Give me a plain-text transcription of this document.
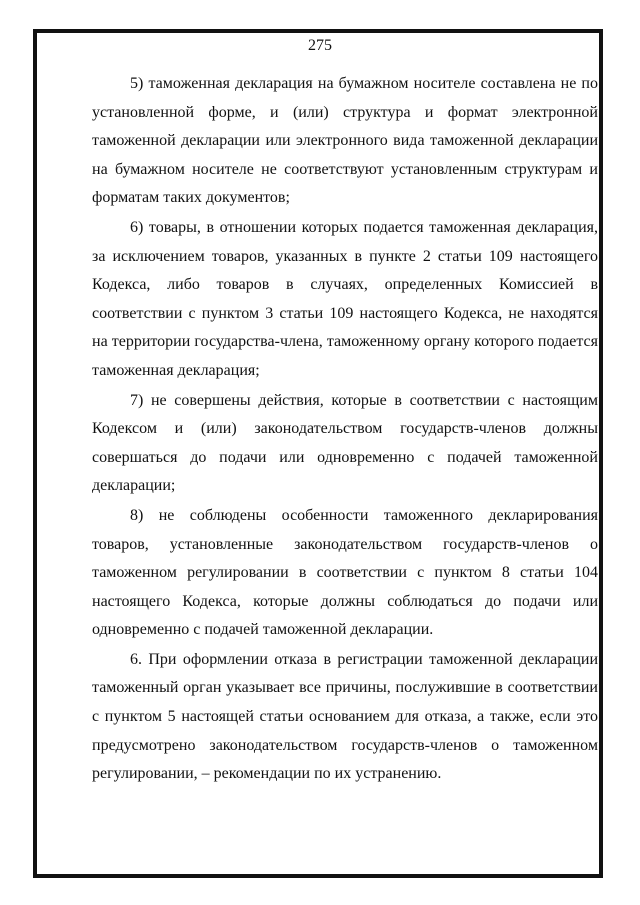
275

5) таможенная декларация на бумажном носителе составлена не по установленной форме, и (или) структура и формат электронной таможенной декларации или электронного вида таможенной декларации на бумажном носителе не соответствуют установленным структурам и форматам таких документов;

6) товары, в отношении которых подается таможенная декларация, за исключением товаров, указанных в пункте 2 статьи 109 настоящего Кодекса, либо товаров в случаях, определенных Комиссией в соответствии с пунктом 3 статьи 109 настоящего Кодекса, не находятся на территории государства-члена, таможенному органу которого подается таможенная декларация;

7) не совершены действия, которые в соответствии с настоящим Кодексом и (или) законодательством государств-членов должны совершаться до подачи или одновременно с подачей таможенной декларации;

8) не соблюдены особенности таможенного декларирования товаров, установленные законодательством государств-членов о таможенном регулировании в соответствии с пунктом 8 статьи 104 настоящего Кодекса, которые должны соблюдаться до подачи или одновременно с подачей таможенной декларации.

6. При оформлении отказа в регистрации таможенной декларации таможенный орган указывает все причины, послужившие в соответствии с пунктом 5 настоящей статьи основанием для отказа, а также, если это предусмотрено законодательством государств-членов о таможенном регулировании, – рекомендации по их устранению.
